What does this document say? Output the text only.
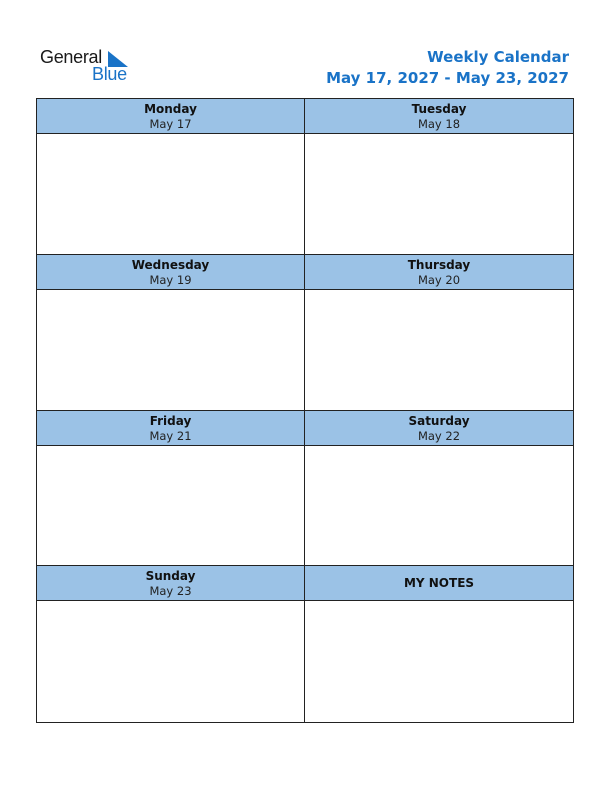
General
Blue
Weekly Calendar
May 17, 2027 - May 23, 2027
Monday
May 17
Tuesday
May 18
Wednesday
May 19
Thursday
May 20
Friday
May 21
Saturday
May 22
Sunday
May 23
MY NOTES
